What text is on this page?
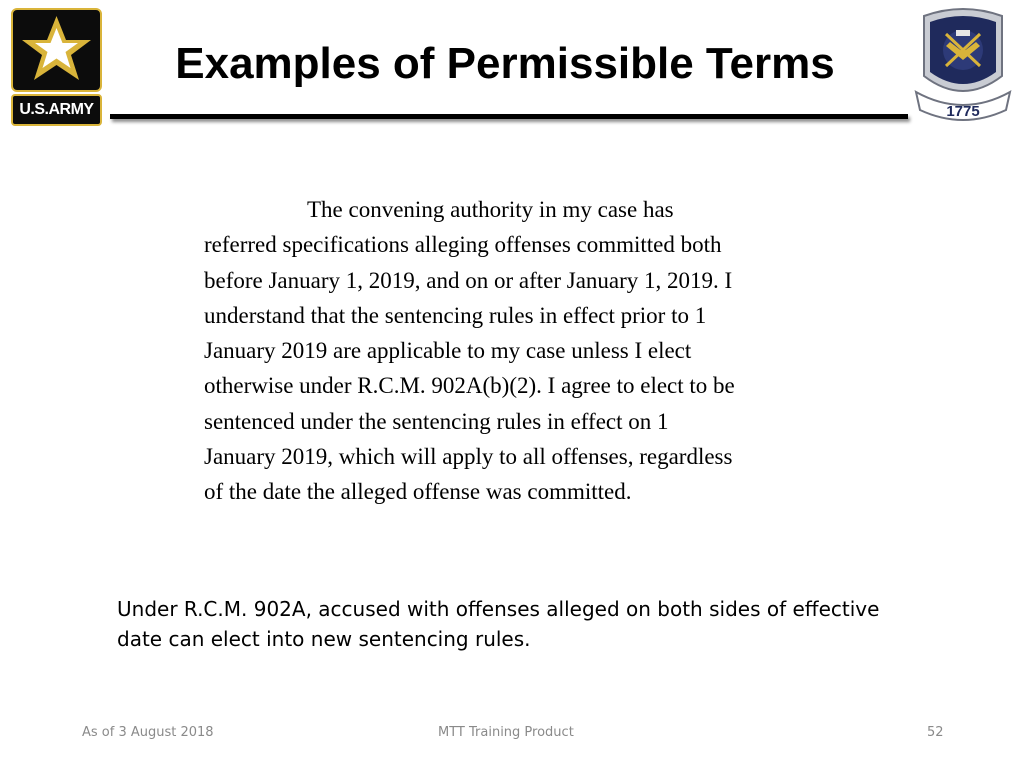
U.S.ARMY
Examples of Permissible Terms
1775
The convening authority in my case has
referred specifications alleging offenses committed both
before January 1, 2019, and on or after January 1, 2019. I
understand that the sentencing rules in effect prior to 1
January 2019 are applicable to my case unless I elect
otherwise under R.C.M. 902A(b)(2). I agree to elect to be
sentenced under the sentencing rules in effect on 1
January 2019, which will apply to all offenses, regardless
of the date the alleged offense was committed.
Under R.C.M. 902A, accused with offenses alleged on both sides of effective
date can elect into new sentencing rules.
As of 3 August 2018	MTT Training Product	52
